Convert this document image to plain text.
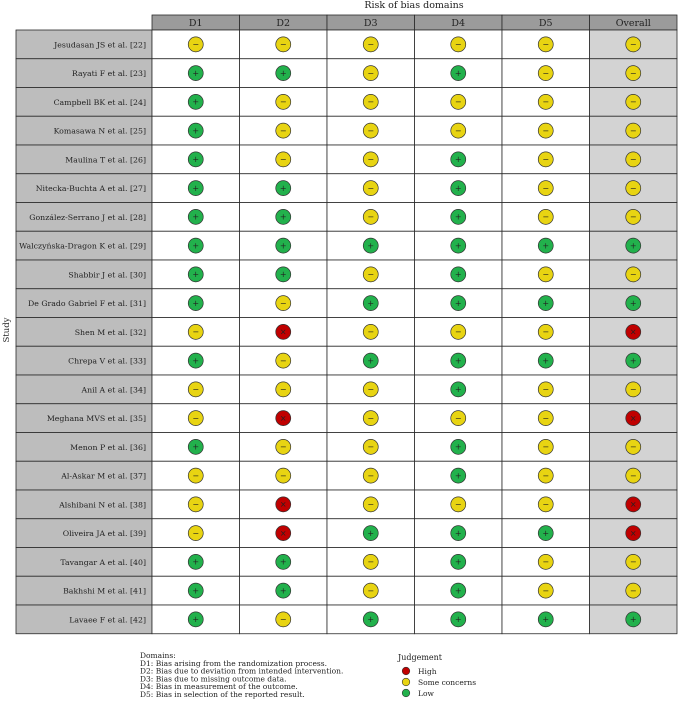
Risk of bias domains
Study
D1	D2	D3	D4	D5	Overall
Jesudasan JS et al. [22]	−	−	−	−	−	−
Rayati F et al. [23]	+	+	−	+	−	−
Campbell BK et al. [24]	+	−	−	−	−	−
Komasawa N et al. [25]	+	−	−	−	−	−
Maulina T et al. [26]	+	−	−	+	−	−
Nitecka-Buchta A et al. [27]	+	+	−	+	−	−
González-Serrano J et al. [28]	+	+	−	+	−	−
Walczyńska-Dragon K et al. [29]	+	+	+	+	+	+
Shabbir J et al. [30]	+	+	−	+	−	−
De Grado Gabriel F et al. [31]	+	−	+	+	+	+
Shen M et al. [32]	−	×	−	−	−	×
Chrepa V et al. [33]	+	−	+	+	+	+
Anil A et al. [34]	−	−	−	+	−	−
Meghana MVS et al. [35]	−	×	−	−	−	×
Menon P et al. [36]	+	−	−	+	−	−
Al-Askar M et al. [37]	−	−	−	+	−	−
Alshibani N et al. [38]	−	×	−	−	−	×
Oliveira JA et al. [39]	−	×	+	+	+	×
Tavangar A et al. [40]	+	+	−	+	−	−
Bakhshi M et al. [41]	+	+	−	+	−	−
Lavaee F et al. [42]	+	−	+	+	+	+
Domains:
D1: Bias arising from the randomization process.
D2: Bias due to deviation from intended intervention.
D3: Bias due to missing outcome data.
D4: Bias in measurement of the outcome.
D5: Bias in selection of the reported result.
Judgement
High
Some concerns
Low
